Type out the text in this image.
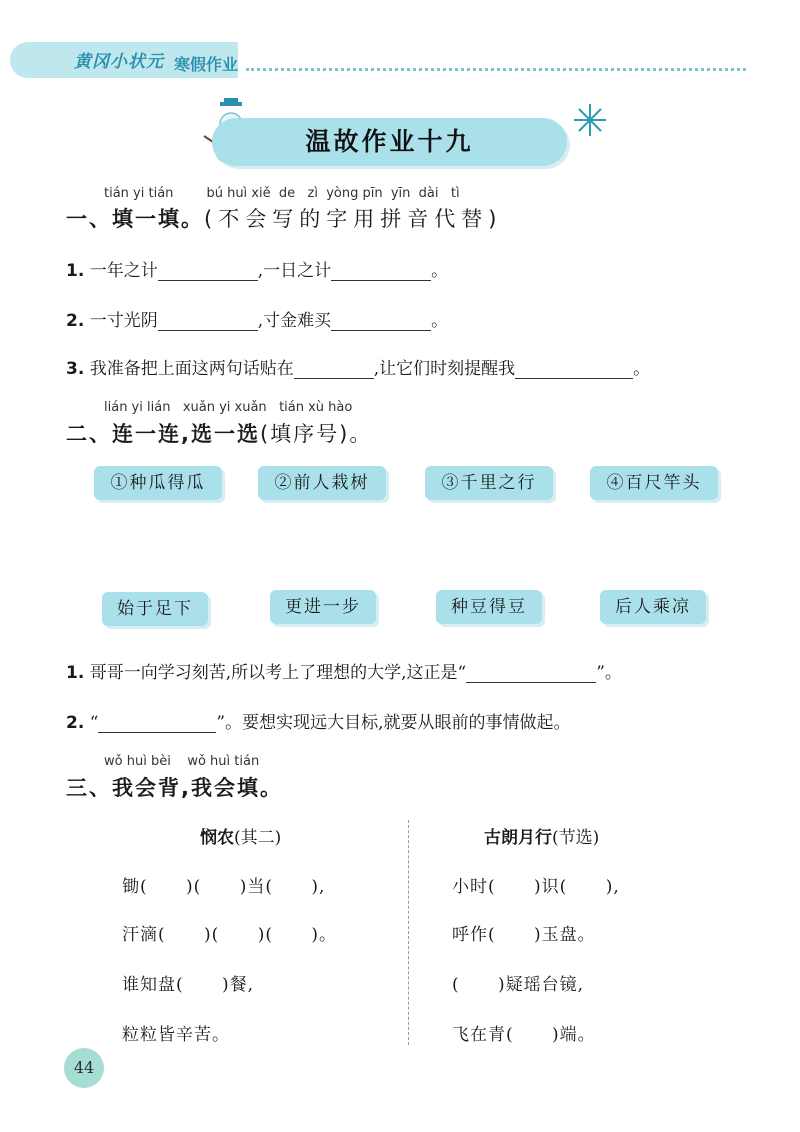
黄冈小状元 寒假作业
温故作业十九
tián yi tián        bú huì xiě  de   zì  yòng pīn  yīn  dài   tì
一、填一填。(不会写的字用拼音代替)
1. 一年之计	,一日之计	。
2. 一寸光阴	,寸金难买	。
3. 我准备把上面这两句话贴在	,让它们时刻提醒我	。
lián yi lián   xuǎn yi xuǎn   tián xù hào
二、连一连,选一选(填序号)。
①种瓜得瓜	②前人栽树	③千里之行	④百尺竿头
始于足下	更进一步	种豆得豆	后人乘凉
1. 哥哥一向学习刻苦,所以考上了理想的大学,这正是“	”。
2. “	”。要想实现远大目标,就要从眼前的事情做起。
wǒ huì bèi    wǒ huì tián
三、我会背,我会填。
悯农(其二)
锄(      )(      )当(      ),
汗滴(      )(      )(      )。
谁知盘(      )餐,
粒粒皆辛苦。
古朗月行(节选)
小时(      )识(      ),
呼作(      )玉盘。
(      )疑瑶台镜,
飞在青(      )端。
44
